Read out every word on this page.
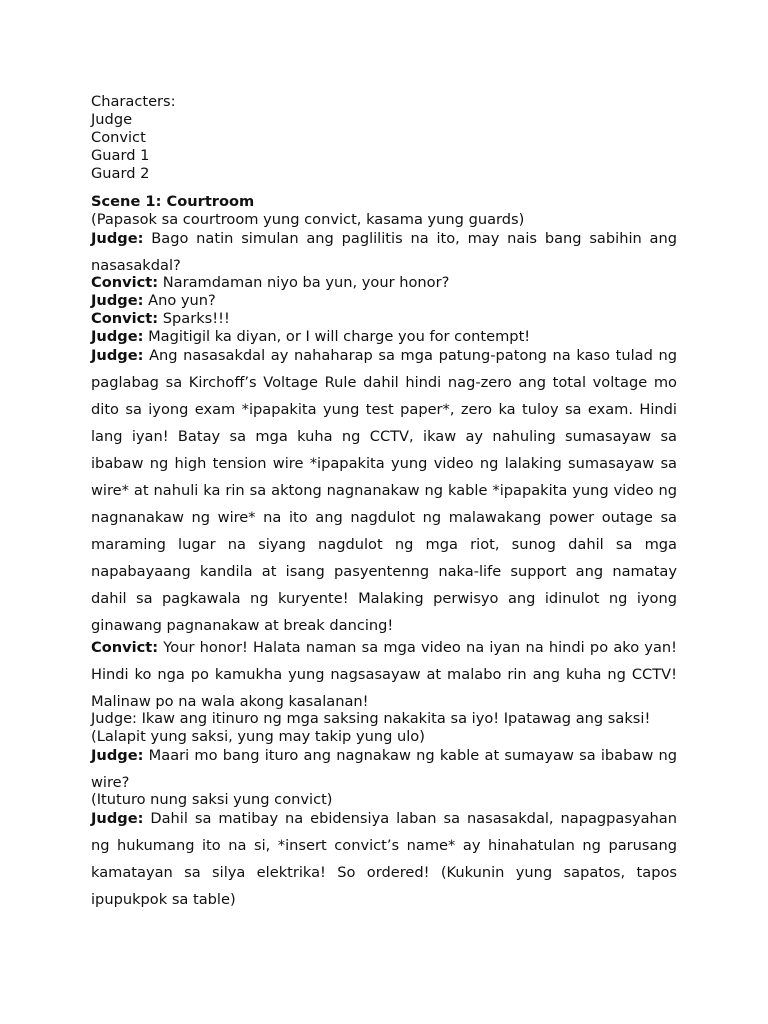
Characters:
Judge
Convict
Guard 1
Guard 2
Scene 1: Courtroom
(Papasok sa courtroom yung convict, kasama yung guards)
Judge: Bago natin simulan ang paglilitis na ito, may nais bang sabihin ang nasasakdal?
Convict: Naramdaman niyo ba yun, your honor?
Judge: Ano yun?
Convict: Sparks!!!
Judge: Magitigil ka diyan, or I will charge you for contempt!
Judge: Ang nasasakdal ay nahaharap sa mga patung-patong na kaso tulad ng paglabag sa Kirchoff’s Voltage Rule dahil hindi nag-zero ang total voltage mo dito sa iyong exam *ipapakita yung test paper*, zero ka tuloy sa exam. Hindi lang iyan! Batay sa mga kuha ng CCTV, ikaw ay nahuling sumasayaw sa ibabaw ng high tension wire *ipapakita yung video ng lalaking sumasayaw sa wire* at nahuli ka rin sa aktong nagnanakaw ng kable *ipapakita yung video ng nagnanakaw ng wire* na ito ang nagdulot ng malawakang power outage sa maraming lugar na siyang nagdulot ng mga riot, sunog dahil sa mga napabayaang kandila at isang pasyentenng naka-life support ang namatay dahil sa pagkawala ng kuryente! Malaking perwisyo ang idinulot ng iyong ginawang pagnanakaw at break dancing!
Convict: Your honor! Halata naman sa mga video na iyan na hindi po ako yan! Hindi ko nga po kamukha yung nagsasayaw at malabo rin ang kuha ng CCTV! Malinaw po na wala akong kasalanan!
Judge: Ikaw ang itinuro ng mga saksing nakakita sa iyo! Ipatawag ang saksi!
(Lalapit yung saksi, yung may takip yung ulo)
Judge: Maari mo bang ituro ang nagnakaw ng kable at sumayaw sa ibabaw ng wire?
(Ituturo nung saksi yung convict)
Judge: Dahil sa matibay na ebidensiya laban sa nasasakdal, napagpasyahan ng hukumang ito na si, *insert convict’s name* ay hinahatulan ng parusang kamatayan sa silya elektrika! So ordered! (Kukunin yung sapatos, tapos ipupukpok sa table)
